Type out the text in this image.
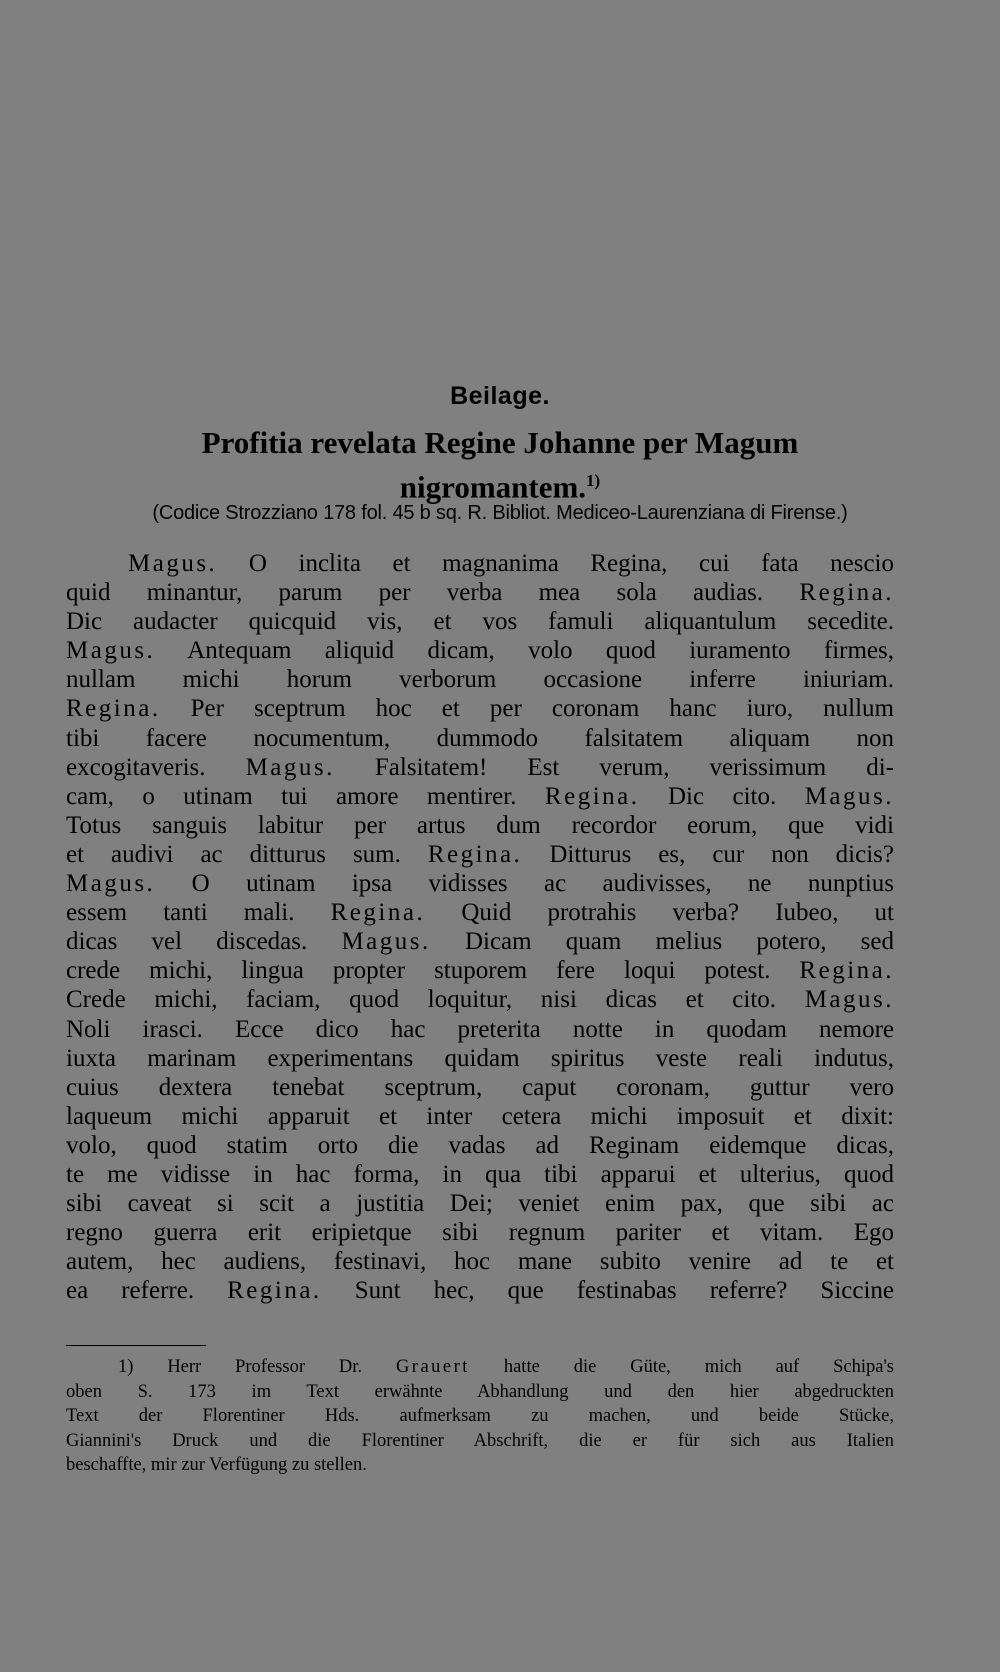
Beilage.

Profitia revelata Regine Johanne per Magum
nigromantem.$^{1)}$

(Codice Strozziano 178 fol. 45 b sq. R. Bibliot. Mediceo-Laurenziana di Firense.)

Magus. O inclita et magnanima Regina, cui fata nescio
quid minantur, parum per verba mea sola audias. Regina.
Dic audacter quicquid vis, et vos famuli aliquantulum secedite.
Magus. Antequam aliquid dicam, volo quod iuramento firmes,
nullam michi horum verborum occasione inferre iniuriam.
Regina. Per sceptrum hoc et per coronam hanc iuro, nullum
tibi facere nocumentum, dummodo falsitatem aliquam non
excogitaveris. Magus. Falsitatem! Est verum, verissimum di-
cam, o utinam tui amore mentirer. Regina. Dic cito. Magus.
Totus sanguis labitur per artus dum recordor eorum, que vidi
et audivi ac ditturus sum. Regina. Ditturus es, cur non dicis?
Magus. O utinam ipsa vidisses ac audivisses, ne nunptius
essem tanti mali. Regina. Quid protrahis verba? Iubeo, ut
dicas vel discedas. Magus. Dicam quam melius potero, sed
crede michi, lingua propter stuporem fere loqui potest. Regina.
Crede michi, faciam, quod loquitur, nisi dicas et cito. Magus.
Noli irasci. Ecce dico hac preterita notte in quodam nemore
iuxta marinam experimentans quidam spiritus veste reali indutus,
cuius dextera tenebat sceptrum, caput coronam, guttur vero
laqueum michi apparuit et inter cetera michi imposuit et dixit:
volo, quod statim orto die vadas ad Reginam eidemque dicas,
te me vidisse in hac forma, in qua tibi apparui et ulterius, quod
sibi caveat si scit a justitia Dei; veniet enim pax, que sibi ac
regno guerra erit eripietque sibi regnum pariter et vitam. Ego
autem, hec audiens, festinavi, hoc mane subito venire ad te et
ea referre. Regina. Sunt hec, que festinabas referre? Siccine
1) Herr Professor Dr. Grauert hatte die Güte, mich auf Schipa's
oben S. 173 im Text erwähnte Abhandlung und den hier abgedruckten
Text der Florentiner Hds. aufmerksam zu machen, und beide Stücke,
Giannini's Druck und die Florentiner Abschrift, die er für sich aus Italien
beschaffte, mir zur Verfügung zu stellen.
